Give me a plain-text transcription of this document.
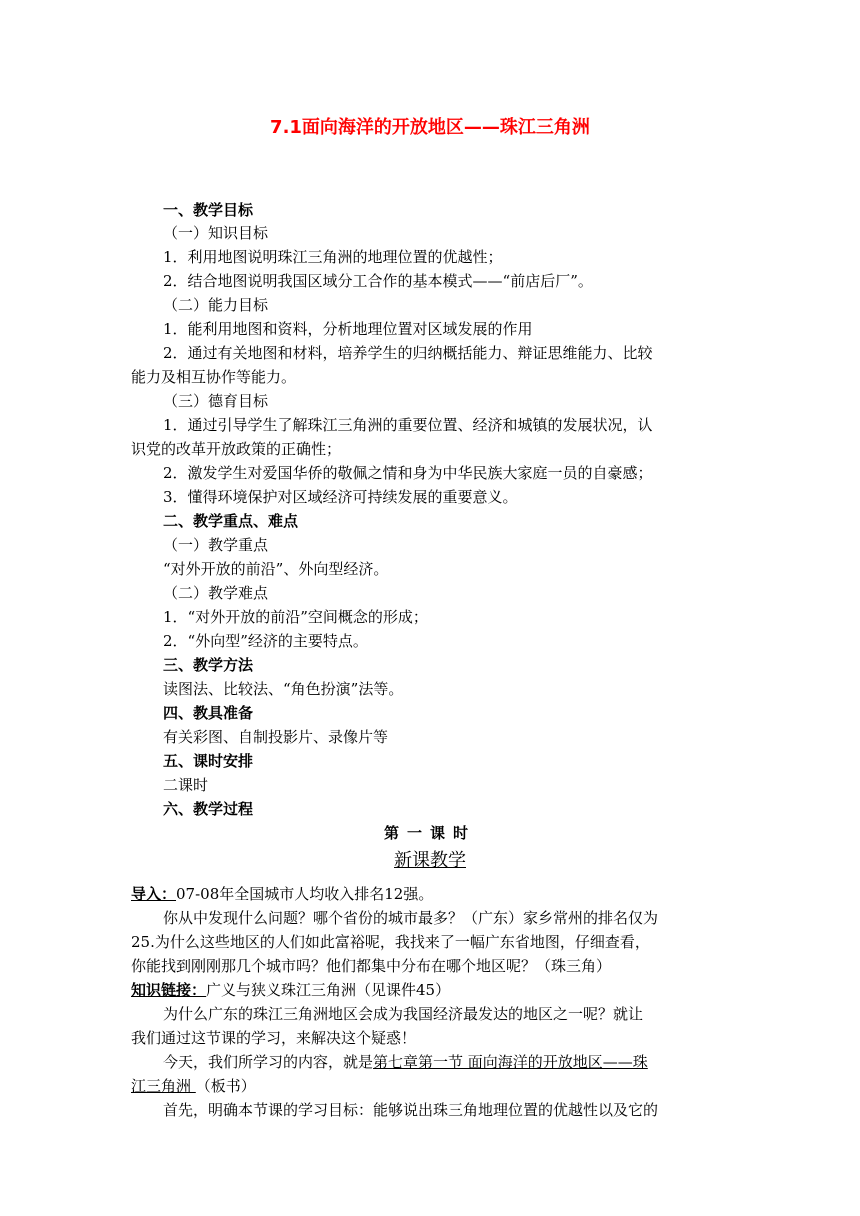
7.1面向海洋的开放地区——珠江三角洲
一、教学目标
（一）知识目标
1．利用地图说明珠江三角洲的地理位置的优越性；
2．结合地图说明我国区域分工合作的基本模式——“前店后厂”。
（二）能力目标
1．能利用地图和资料，分析地理位置对区域发展的作用
2．通过有关地图和材料，培养学生的归纳概括能力、辩证思维能力、比较
能力及相互协作等能力。
（三）德育目标
1．通过引导学生了解珠江三角洲的重要位置、经济和城镇的发展状况，认
识党的改革开放政策的正确性；
2．激发学生对爱国华侨的敬佩之情和身为中华民族大家庭一员的自豪感；
3．懂得环境保护对区域经济可持续发展的重要意义。
二、教学重点、难点
（一）教学重点
“对外开放的前沿”、外向型经济。
（二）教学难点
1．“对外开放的前沿”空间概念的形成；
2．“外向型”经济的主要特点。
三、教学方法
读图法、比较法、“角色扮演”法等。
四、教具准备
有关彩图、自制投影片、录像片等
五、课时安排
二课时
六、教学过程
第一课时
新课教学
导入：07-08年全国城市人均收入排名12强。
你从中发现什么问题？哪个省份的城市最多？（广东）家乡常州的排名仅为
25.为什么这些地区的人们如此富裕呢，我找来了一幅广东省地图，仔细查看，
你能找到刚刚那几个城市吗？他们都集中分布在哪个地区呢？（珠三角）
知识链接：广义与狭义珠江三角洲（见课件45）
为什么广东的珠江三角洲地区会成为我国经济最发达的地区之一呢？就让
我们通过这节课的学习，来解决这个疑惑！
今天，我们所学习的内容，就是第七章第一节 面向海洋的开放地区——珠
江三角洲 （板书）
首先，明确本节课的学习目标：能够说出珠三角地理位置的优越性以及它的
